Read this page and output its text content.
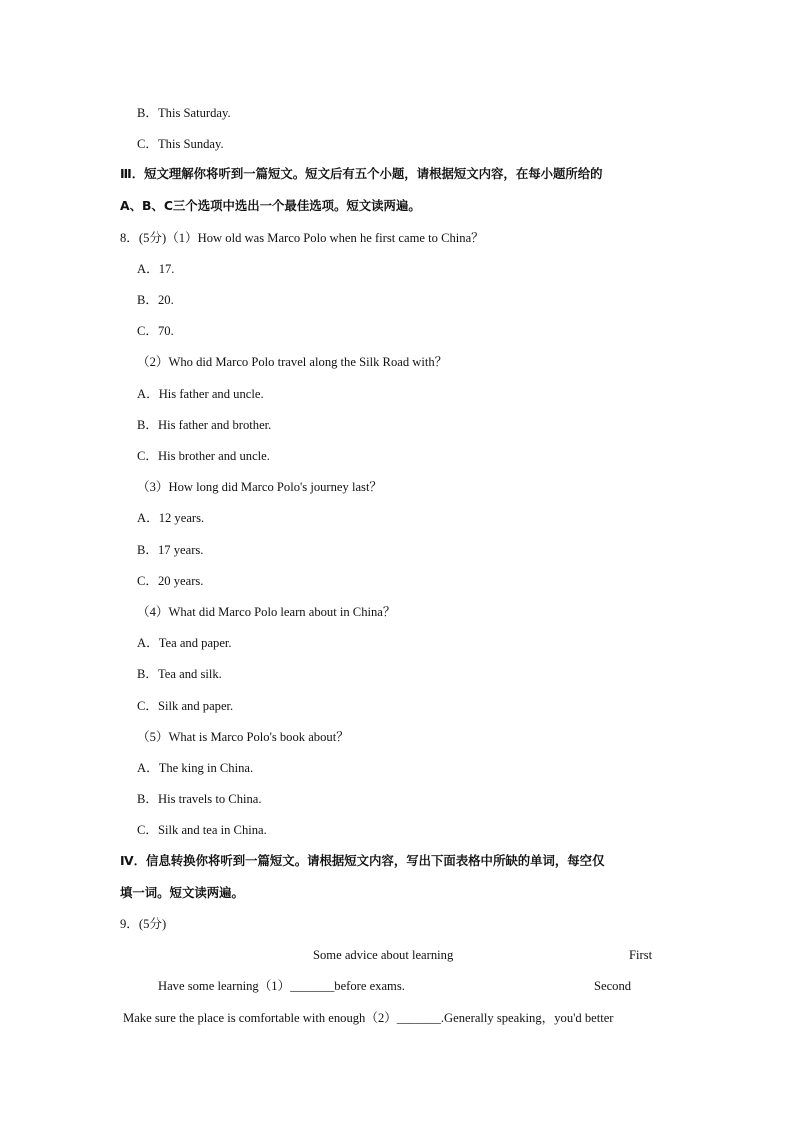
B．This Saturday.
C．This Sunday.
Ⅲ．短文理解你将听到一篇短文。短文后有五个小题，请根据短文内容，在每小题所给的
A、B、C三个选项中选出一个最佳选项。短文读两遍。
8．(5分)（1）How old was Marco Polo when he first came to China？
A．17.
B．20.
C．70.
（2）Who did Marco Polo travel along the Silk Road with？
A．His father and uncle.
B．His father and brother.
C．His brother and uncle.
（3）How long did Marco Polo's journey last？
A．12 years.
B．17 years.
C．20 years.
（4）What did Marco Polo learn about in China？
A．Tea and paper.
B．Tea and silk.
C．Silk and paper.
（5）What is Marco Polo's book about？
A．The king in China.
B．His travels to China.
C．Silk and tea in China.
Ⅳ．信息转换你将听到一篇短文。请根据短文内容，写出下面表格中所缺的单词，每空仅
填一词。短文读两遍。
9．(5分)
Some advice about learning	First
Have some learning（1）_______before exams.	Second
Make sure the place is comfortable with enough（2）_______.Generally speaking，you'd better
